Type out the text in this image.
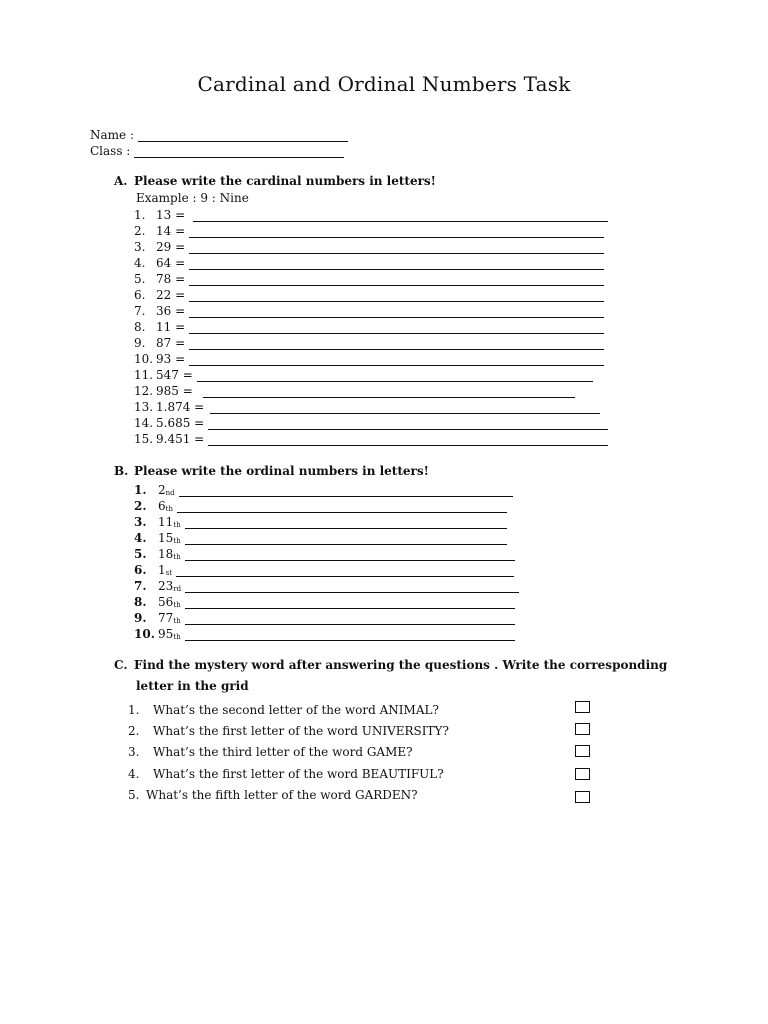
Cardinal and Ordinal Numbers Task
Name :
Class :
A. Please write the cardinal numbers in letters!
Example : 9 : Nine
1. 13 =
2. 14 =
3. 29 =
4. 64 =
5. 78 =
6. 22 =
7. 36 =
8. 11 =
9. 87 =
10. 93 =
11. 547 =
12. 985 =
13. 1.874 =
14. 5.685 =
15. 9.451 =
B. Please write the ordinal numbers in letters!
1. $2_{nd}$
2. $6_{th}$
3. $11_{th}$
4. $15_{th}$
5. $18_{th}$
6. $1_{st}$
7. $23_{rd}$
8. $56_{th}$
9. $77_{th}$
10. $95_{th}$
C. Find the mystery word after answering the questions . Write the corresponding
letter in the grid
1.	What’s the second letter of the word ANIMAL?
2.	What’s the first letter of the word UNIVERSITY?
3.	What’s the third letter of the word GAME?
4.	What’s the first letter of the word BEAUTIFUL?
5. What’s the fifth letter of the word GARDEN?
